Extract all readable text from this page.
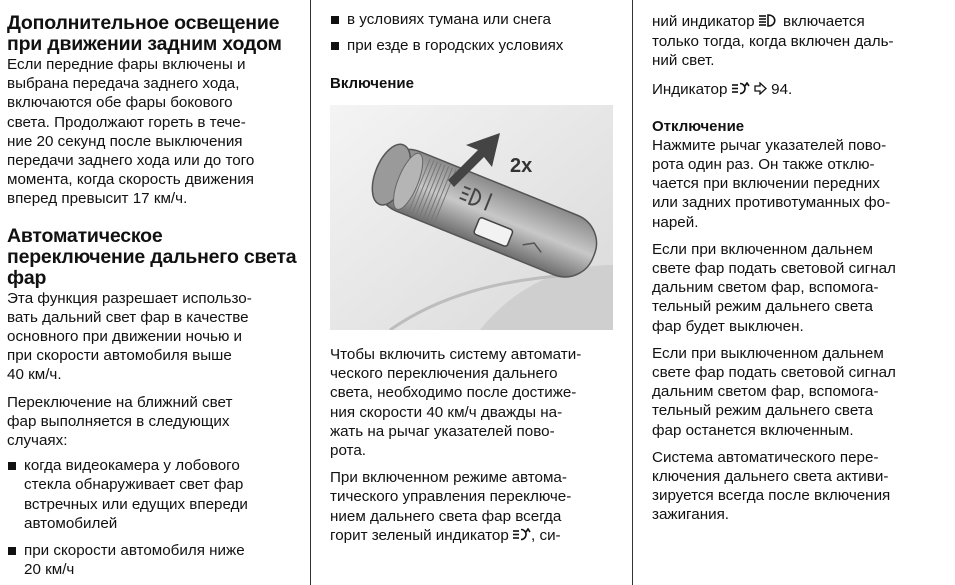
Дополнительное освещение при движении задним ходом

Если передние фары включены и
выбрана передача заднего хода,
включаются обе фары бокового
света. Продолжают гореть в тече-
ние 20 секунд после выключения
передачи заднего хода или до того
момента, когда скорость движения
вперед превысит 17 км/ч.

Автоматическое переключение дальнего света фар

Эта функция разрешает использо-
вать дальний свет фар в качестве
основного при движении ночью и
при скорости автомобиля выше
40 км/ч.

Переключение на ближний свет
фар выполняется в следующих
случаях:

когда видеокамера у лобового
стекла обнаруживает свет фар
встречных или едущих впереди
автомобилей
при скорости автомобиля ниже
20 км/ч
в условиях тумана или снега
при езде в городских условиях
Включение
2x

Чтобы включить систему автомати-
ческого переключения дальнего
света, необходимо после достиже-
ния скорости 40 км/ч дважды на-
жать на рычаг указателей пово-
рота.

При включенном режиме автома-
тического управления переключе-
нием дальнего света фар всегда
горит зеленый индикатор , си-

ний индикатор включается
только тогда, когда включен даль-
ний свет.

Индикатор	94.

Отключение

Нажмите рычаг указателей пово-
рота один раз. Он также отклю-
чается при включении передних
или задних противотуманных фо-
нарей.

Если при включенном дальнем
свете фар подать световой сигнал
дальним светом фар, вспомога-
тельный режим дальнего света
фар будет выключен.

Если при выключенном дальнем
свете фар подать световой сигнал
дальним светом фар, вспомога-
тельный режим дальнего света
фар останется включенным.

Система автоматического пере-
ключения дальнего света активи-
зируется всегда после включения
зажигания.
